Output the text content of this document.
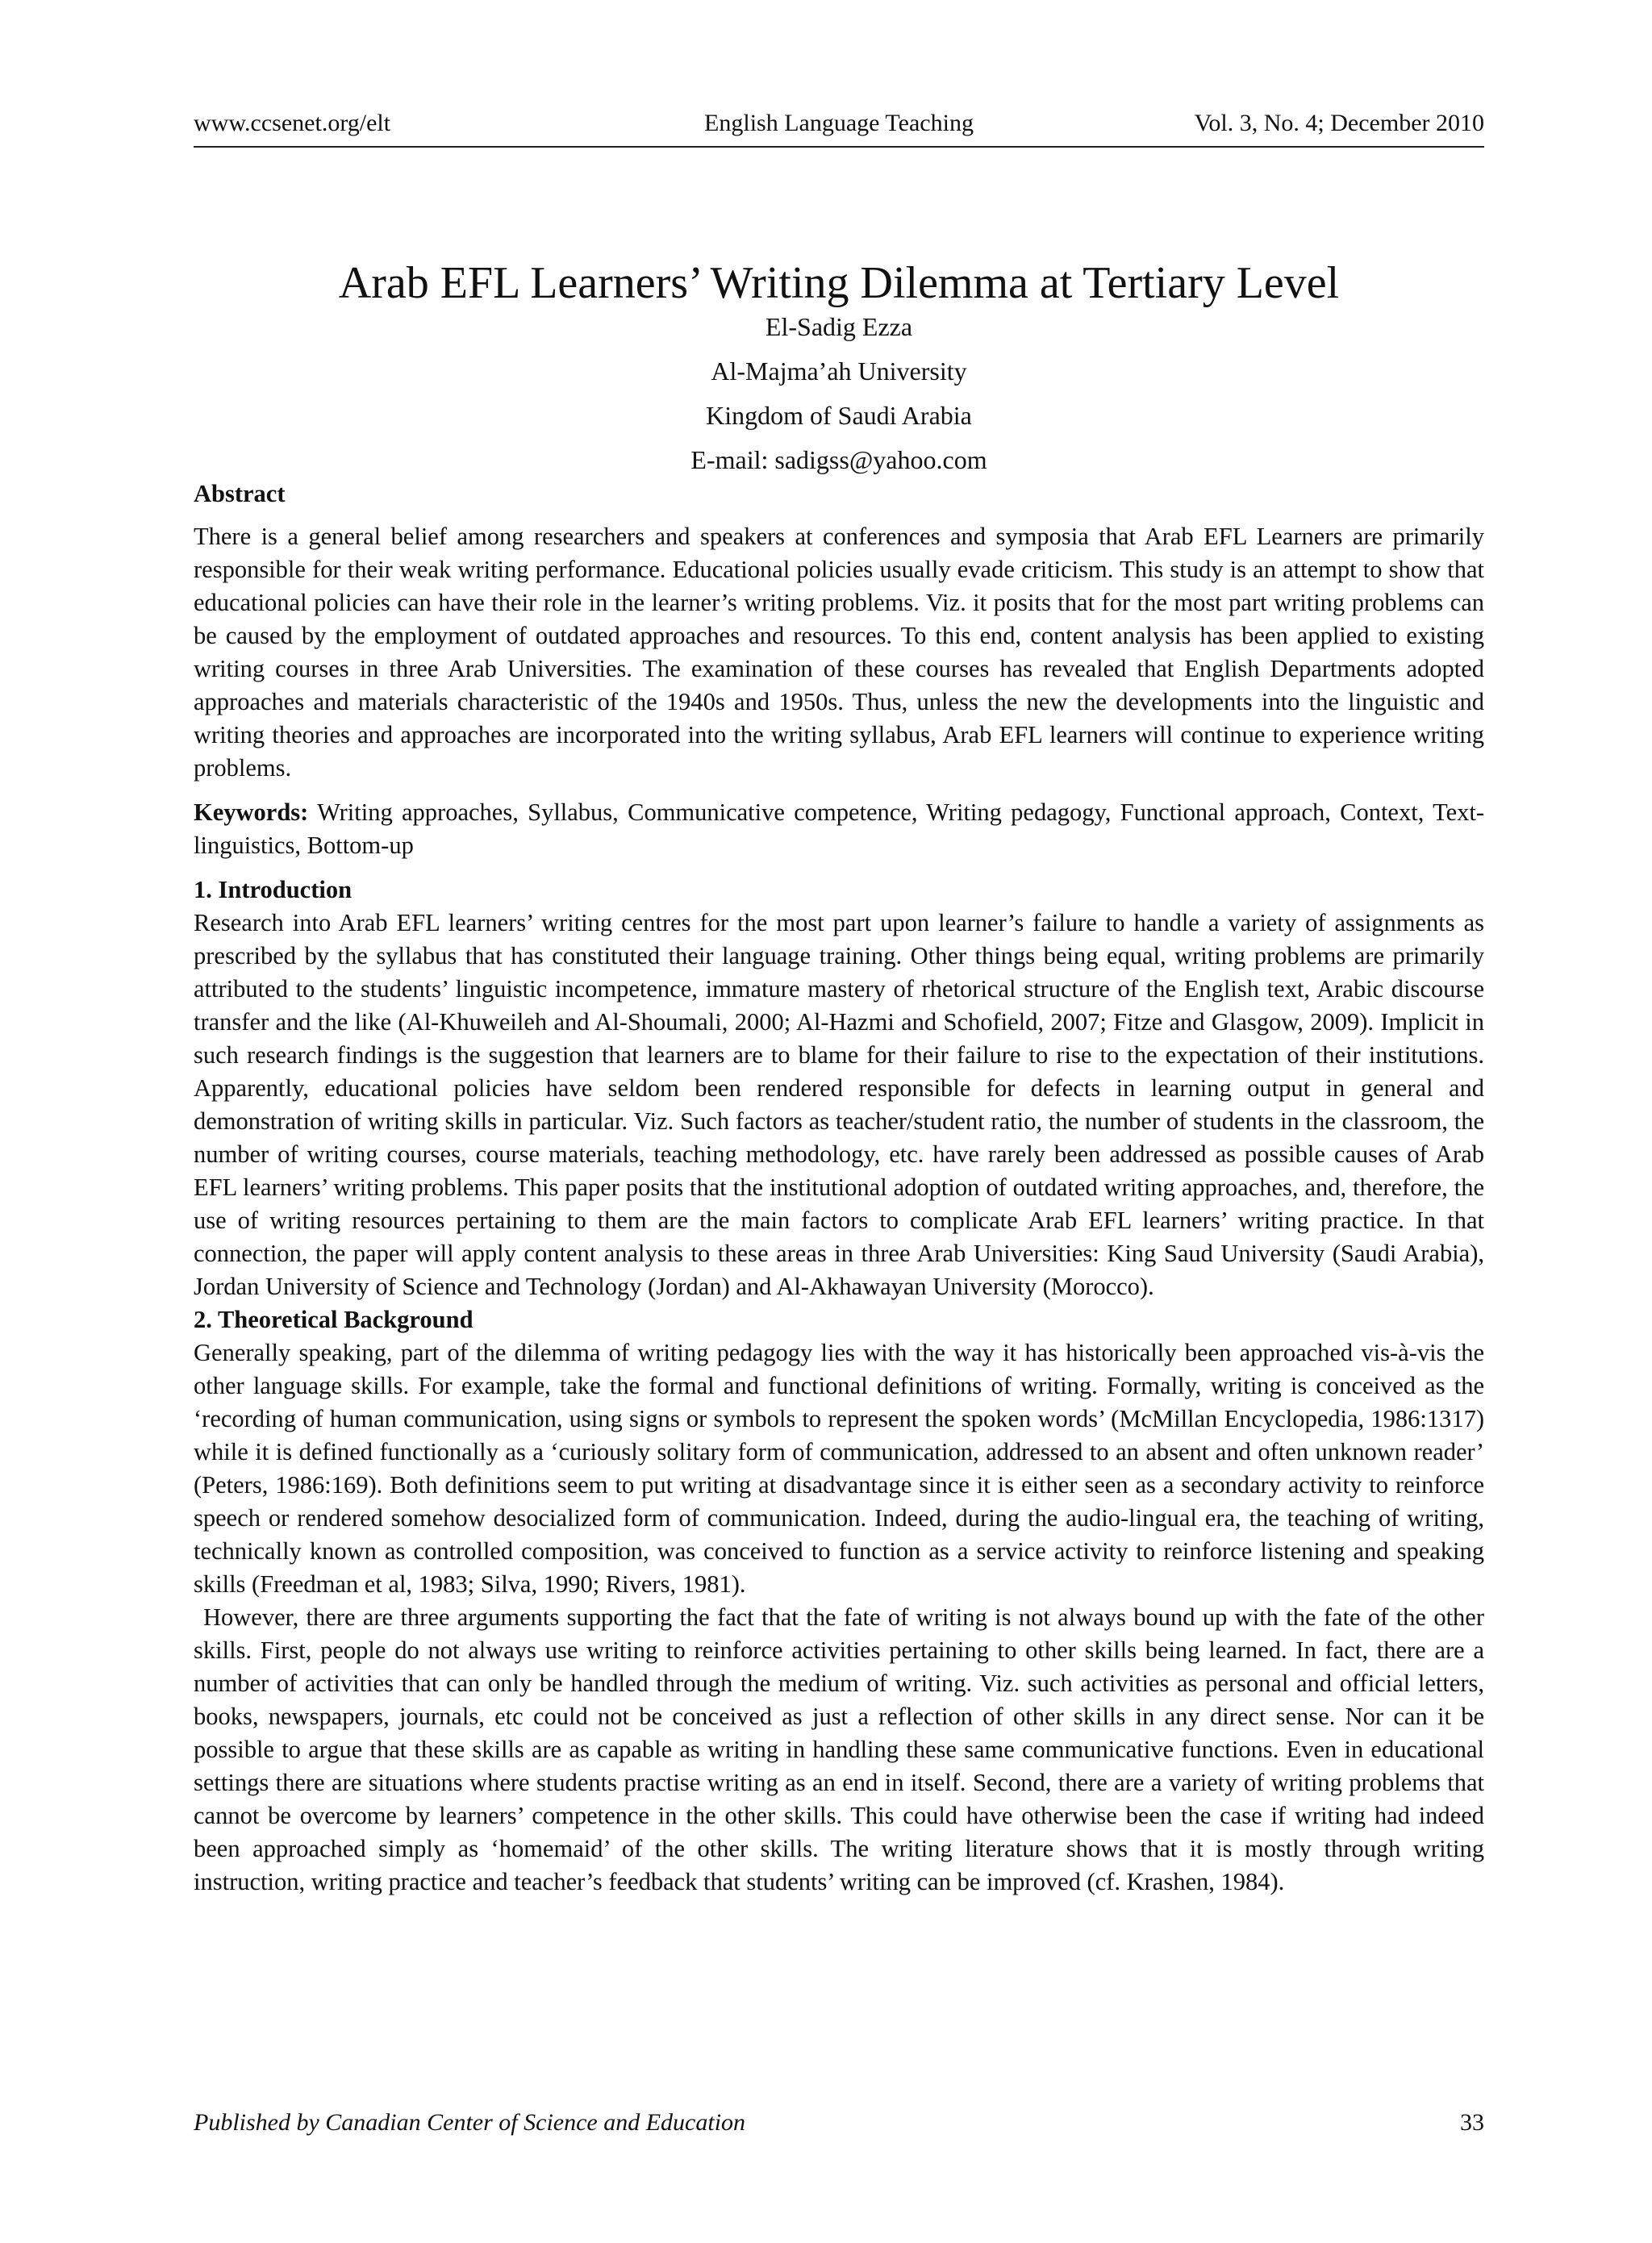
www.ccsenet.org/elt	English Language Teaching	Vol. 3, No. 4; December 2010
Arab EFL Learners’ Writing Dilemma at Tertiary Level
El-Sadig Ezza
Al-Majma’ah University
Kingdom of Saudi Arabia
E-mail: sadigss@yahoo.com

Abstract

There is a general belief among researchers and speakers at conferences and symposia that Arab EFL Learners are primarily responsible for their weak writing performance. Educational policies usually evade criticism. This study is an attempt to show that educational policies can have their role in the learner’s writing problems. Viz. it posits that for the most part writing problems can be caused by the employment of outdated approaches and resources. To this end, content analysis has been applied to existing writing courses in three Arab Universities. The examination of these courses has revealed that English Departments adopted approaches and materials characteristic of the 1940s and 1950s. Thus, unless the new the developments into the linguistic and writing theories and approaches are incorporated into the writing syllabus, Arab EFL learners will continue to experience writing problems.

Keywords: Writing approaches, Syllabus, Communicative competence, Writing pedagogy, Functional approach, Context, Text-linguistics, Bottom-up

1. Introduction

Research into Arab EFL learners’ writing centres for the most part upon learner’s failure to handle a variety of assignments as prescribed by the syllabus that has constituted their language training. Other things being equal, writing problems are primarily attributed to the students’ linguistic incompetence, immature mastery of rhetorical structure of the English text, Arabic discourse transfer and the like (Al-Khuweileh and Al-Shoumali, 2000; Al-Hazmi and Schofield, 2007; Fitze and Glasgow, 2009). Implicit in such research findings is the suggestion that learners are to blame for their failure to rise to the expectation of their institutions. Apparently, educational policies have seldom been rendered responsible for defects in learning output in general and demonstration of writing skills in particular. Viz. Such factors as teacher/student ratio, the number of students in the classroom, the number of writing courses, course materials, teaching methodology, etc. have rarely been addressed as possible causes of Arab EFL learners’ writing problems. This paper posits that the institutional adoption of outdated writing approaches, and, therefore, the use of writing resources pertaining to them are the main factors to complicate Arab EFL learners’ writing practice. In that connection, the paper will apply content analysis to these areas in three Arab Universities: King Saud University (Saudi Arabia), Jordan University of Science and Technology (Jordan) and Al-Akhawayan University (Morocco).

2. Theoretical Background

Generally speaking, part of the dilemma of writing pedagogy lies with the way it has historically been approached vis-à-vis the other language skills. For example, take the formal and functional definitions of writing. Formally, writing is conceived as the ‘recording of human communication, using signs or symbols to represent the spoken words’ (McMillan Encyclopedia, 1986:1317) while it is defined functionally as a ‘curiously solitary form of communication, addressed to an absent and often unknown reader’ (Peters, 1986:169). Both definitions seem to put writing at disadvantage since it is either seen as a secondary activity to reinforce speech or rendered somehow desocialized form of communication. Indeed, during the audio-lingual era, the teaching of writing, technically known as controlled composition, was conceived to function as a service activity to reinforce listening and speaking skills (Freedman et al, 1983; Silva, 1990; Rivers, 1981).

However, there are three arguments supporting the fact that the fate of writing is not always bound up with the fate of the other skills. First, people do not always use writing to reinforce activities pertaining to other skills being learned. In fact, there are a number of activities that can only be handled through the medium of writing. Viz. such activities as personal and official letters, books, newspapers, journals, etc could not be conceived as just a reflection of other skills in any direct sense. Nor can it be possible to argue that these skills are as capable as writing in handling these same communicative functions. Even in educational settings there are situations where students practise writing as an end in itself. Second, there are a variety of writing problems that cannot be overcome by learners’ competence in the other skills. This could have otherwise been the case if writing had indeed been approached simply as ‘homemaid’ of the other skills. The writing literature shows that it is mostly through writing instruction, writing practice and teacher’s feedback that students’ writing can be improved (cf. Krashen, 1984).

Published by Canadian Center of Science and Education	33
